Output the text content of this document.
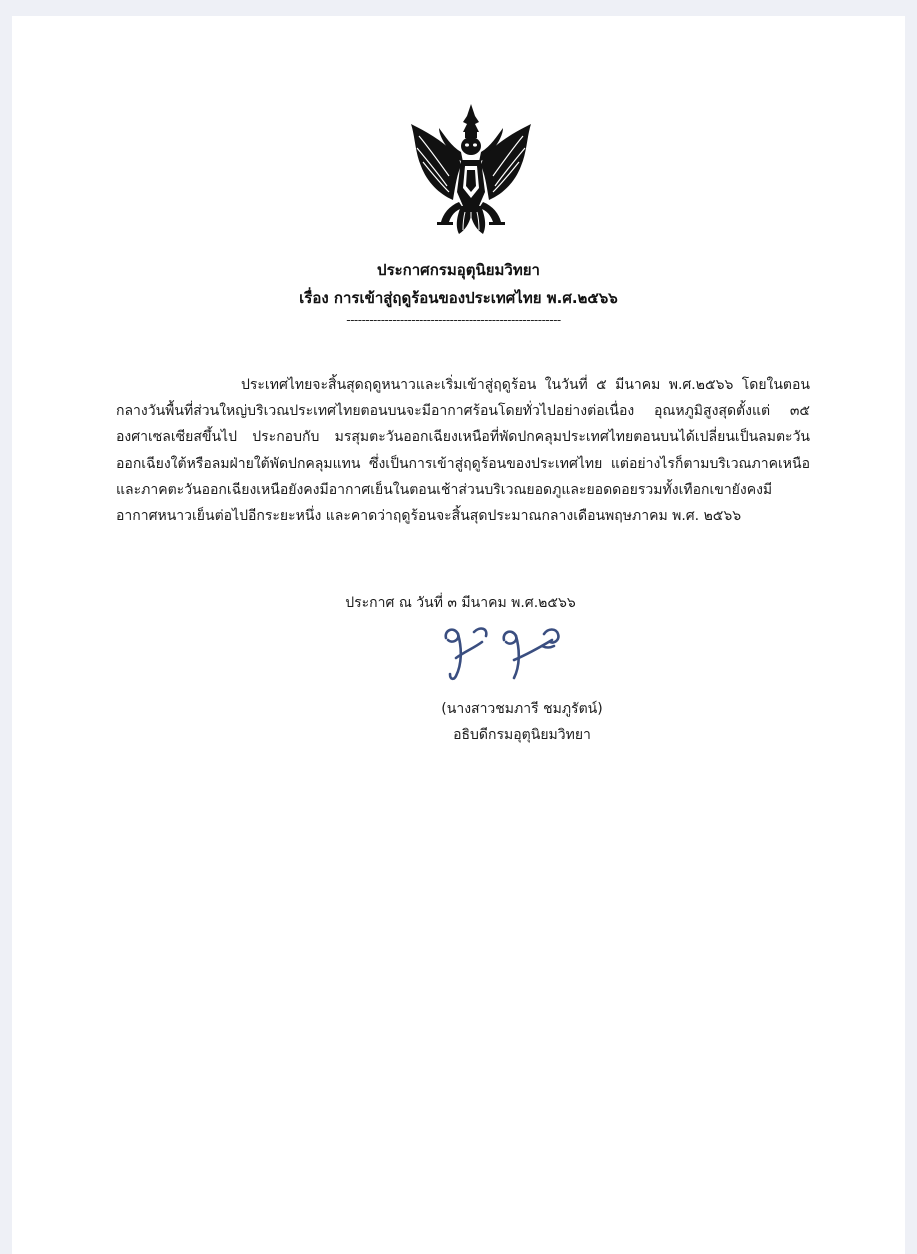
ประกาศกรมอุตุนิยมวิทยา
เรื่อง การเข้าสู่ฤดูร้อนของประเทศไทย พ.ศ.๒๕๖๖
--------------------------------------------------------

ประเทศไทยจะสิ้นสุดฤดูหนาวและเริ่มเข้าสู่ฤดูร้อน ในวันที่ ๕ มีนาคม พ.ศ.๒๕๖๖ โดยในตอนกลางวันพื้นที่ส่วนใหญ่บริเวณประเทศไทยตอนบนจะมีอากาศร้อนโดยทั่วไปอย่างต่อเนื่อง อุณหภูมิสูงสุดตั้งแต่ ๓๕ องศาเซลเซียสขึ้นไป ประกอบกับ มรสุมตะวันออกเฉียงเหนือที่พัดปกคลุมประเทศไทยตอนบนได้เปลี่ยนเป็นลมตะวันออกเฉียงใต้หรือลมฝ่ายใต้พัดปกคลุมแทน ซึ่งเป็นการเข้าสู่ฤดูร้อนของประเทศไทย แต่อย่างไรก็ตามบริเวณภาคเหนือและภาคตะวันออกเฉียงเหนือยังคงมีอากาศเย็นในตอนเช้าส่วนบริเวณยอดภูและยอดดอยรวมทั้งเทือกเขายังคงมีอากาศหนาวเย็นต่อไปอีกระยะหนึ่ง และคาดว่าฤดูร้อนจะสิ้นสุดประมาณกลางเดือนพฤษภาคม พ.ศ. ๒๕๖๖

ประกาศ ณ วันที่ ๓ มีนาคม พ.ศ.๒๕๖๖
(นางสาวชมภารี ชมภูรัตน์)
อธิบดีกรมอุตุนิยมวิทยา
